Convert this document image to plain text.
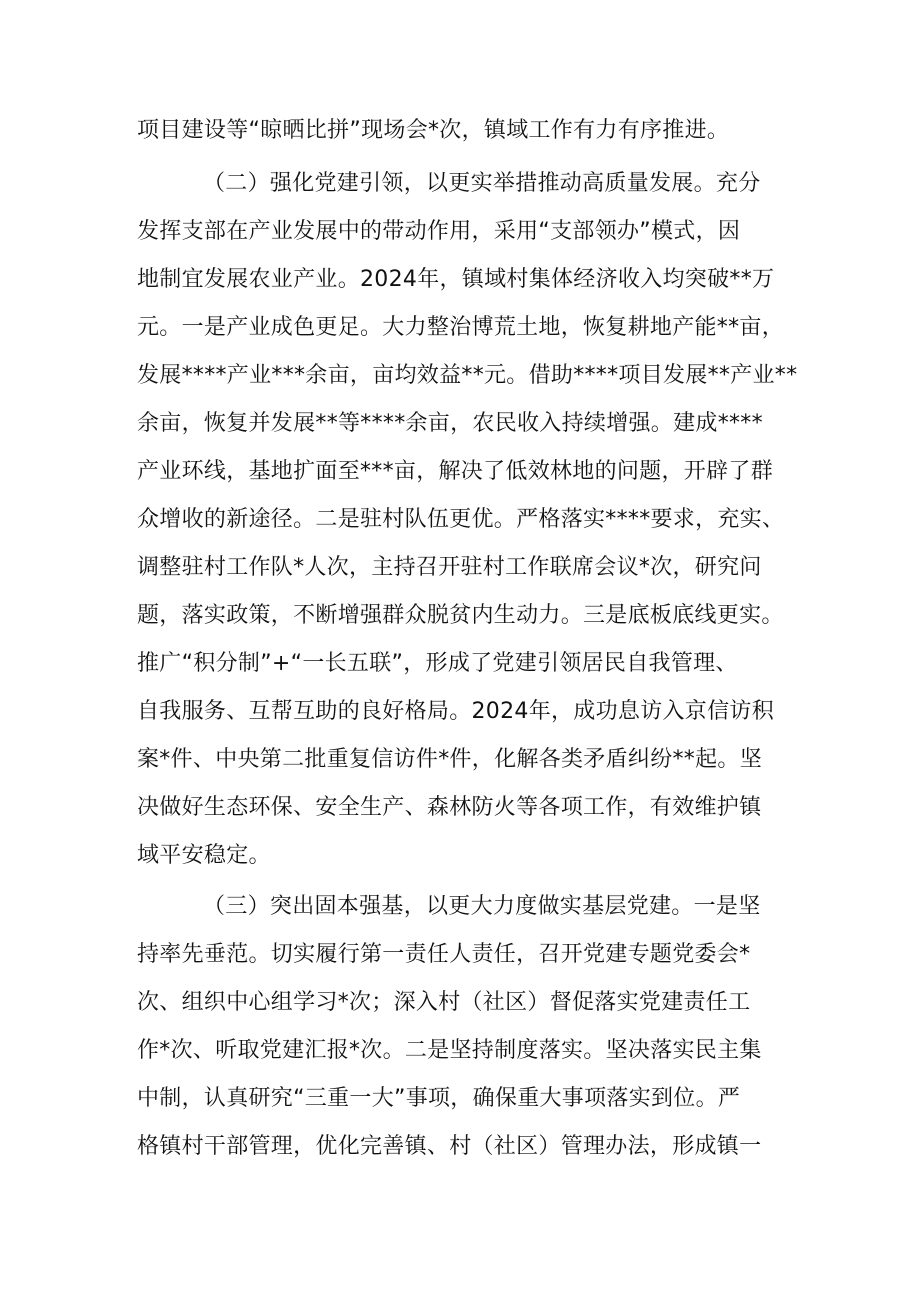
项目建设等“晾晒比拼”现场会*次，镇域工作有力有序推进。
（二）强化党建引领，以更实举措推动高质量发展。充分
发挥支部在产业发展中的带动作用，采用“支部领办”模式，因
地制宜发展农业产业。2024年，镇域村集体经济收入均突破**万
元。一是产业成色更足。大力整治博荒土地，恢复耕地产能**亩，
发展****产业***余亩，亩均效益**元。借助****项目发展**产业**
余亩，恢复并发展**等****余亩，农民收入持续增强。建成****
产业环线，基地扩面至***亩，解决了低效林地的问题，开辟了群
众增收的新途径。二是驻村队伍更优。严格落实****要求，充实、
调整驻村工作队*人次，主持召开驻村工作联席会议*次，研究问
题，落实政策，不断增强群众脱贫内生动力。三是底板底线更实。
推广“积分制”+“一长五联”，形成了党建引领居民自我管理、
自我服务、互帮互助的良好格局。2024年，成功息访入京信访积
案*件、中央第二批重复信访件*件，化解各类矛盾纠纷**起。坚
决做好生态环保、安全生产、森林防火等各项工作，有效维护镇
域平安稳定。
（三）突出固本强基，以更大力度做实基层党建。一是坚
持率先垂范。切实履行第一责任人责任，召开党建专题党委会*
次、组织中心组学习*次；深入村（社区）督促落实党建责任工
作*次、听取党建汇报*次。二是坚持制度落实。坚决落实民主集
中制，认真研究“三重一大”事项，确保重大事项落实到位。严
格镇村干部管理，优化完善镇、村（社区）管理办法，形成镇一
